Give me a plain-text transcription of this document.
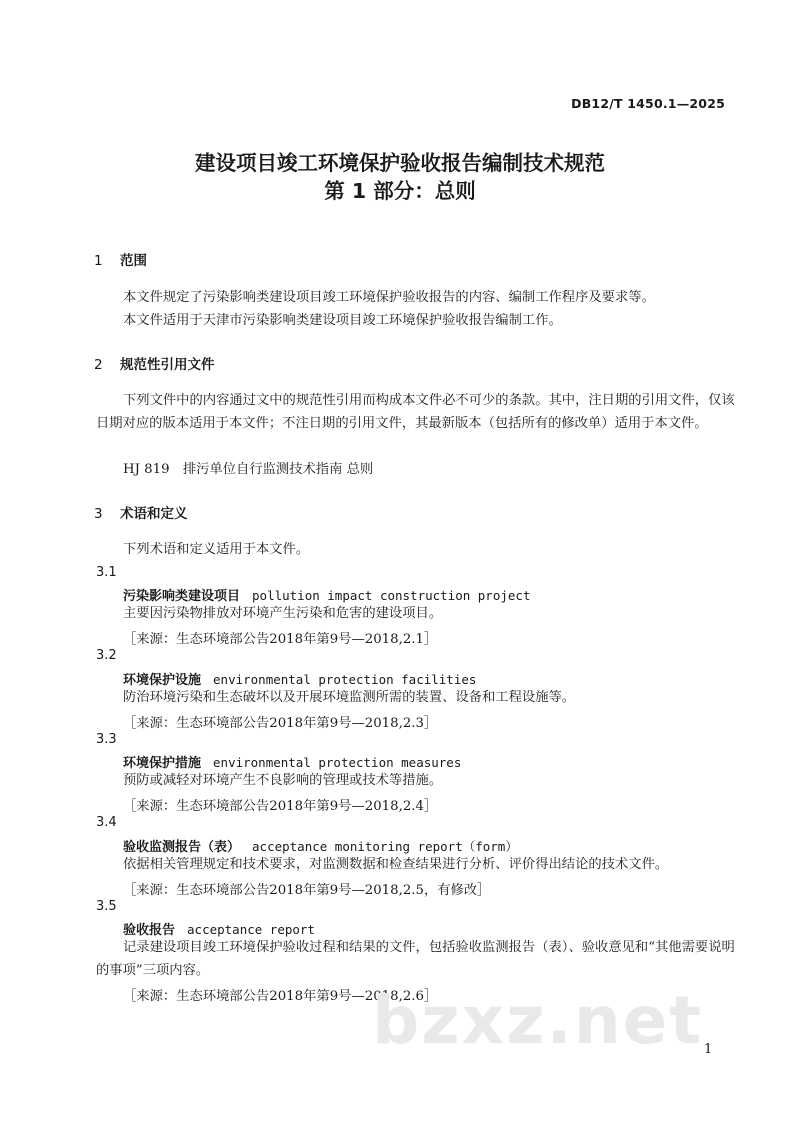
DB12/T 1450.1—2025
建设项目竣工环境保护验收报告编制技术规范
第 1 部分：总则
1 范围
本文件规定了污染影响类建设项目竣工环境保护验收报告的内容、编制工作程序及要求等。
本文件适用于天津市污染影响类建设项目竣工环境保护验收报告编制工作。
2 规范性引用文件
下列文件中的内容通过文中的规范性引用而构成本文件必不可少的条款。其中，注日期的引用文件，仅该日期对应的版本适用于本文件；不注日期的引用文件，其最新版本（包括所有的修改单）适用于本文件。
HJ 819　排污单位自行监测技术指南 总则
3 术语和定义
下列术语和定义适用于本文件。
3.1
污染影响类建设项目 pollution impact construction project
主要因污染物排放对环境产生污染和危害的建设项目。
［来源：生态环境部公告2018年第9号—2018,2.1］
3.2
环境保护设施 environmental protection facilities
防治环境污染和生态破坏以及开展环境监测所需的装置、设备和工程设施等。
［来源：生态环境部公告2018年第9号—2018,2.3］
3.3
环境保护措施 environmental protection measures
预防或减轻对环境产生不良影响的管理或技术等措施。
［来源：生态环境部公告2018年第9号—2018,2.4］
3.4
验收监测报告（表） acceptance monitoring report（form）
依据相关管理规定和技术要求，对监测数据和检查结果进行分析、评价得出结论的技术文件。
［来源：生态环境部公告2018年第9号—2018,2.5，有修改］
3.5
验收报告 acceptance report
记录建设项目竣工环境保护验收过程和结果的文件，包括验收监测报告（表）、验收意见和“其他需要说明的事项”三项内容。
［来源：生态环境部公告2018年第9号—2018,2.6］
bzxz.net 1
